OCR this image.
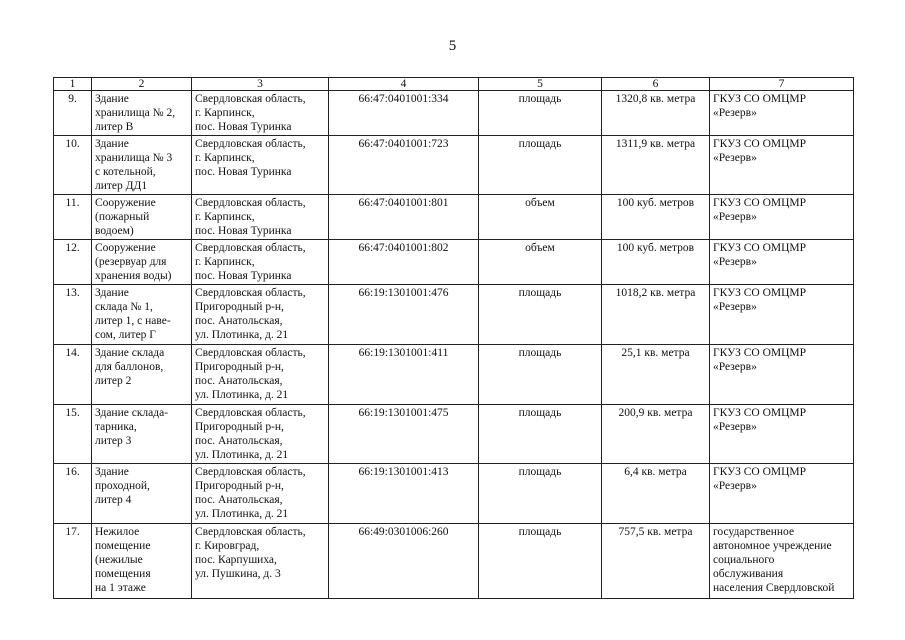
5
1	2	3	4	5	6	7
9.	Здание
хранилища № 2,
литер В	Свердловская область,
г. Карпинск,
пос. Новая Туринка	66:47:0401001:334	площадь	1320,8 кв. метра	ГКУЗ СО ОМЦМР
«Резерв»

10.	Здание
хранилища № 3
с котельной,
литер ДД1	Свердловская область,
г. Карпинск,
пос. Новая Туринка	66:47:0401001:723	площадь	1311,9 кв. метра	ГКУЗ СО ОМЦМР
«Резерв»

11.	Сооружение
(пожарный
водоем)	Свердловская область,
г. Карпинск,
пос. Новая Туринка	66:47:0401001:801	объем	100 куб. метров	ГКУЗ СО ОМЦМР
«Резерв»

12.	Сооружение
(резервуар для
хранения воды)	Свердловская область,
г. Карпинск,
пос. Новая Туринка	66:47:0401001:802	объем	100 куб. метров	ГКУЗ СО ОМЦМР
«Резерв»

13.	Здание
склада № 1,
литер 1, с наве-
сом, литер Г	Свердловская область,
Пригородный р-н,
пос. Анатольская,
ул. Плотинка, д. 21	66:19:1301001:476	площадь	1018,2 кв. метра	ГКУЗ СО ОМЦМР
«Резерв»

14.	Здание склада
для баллонов,
литер 2	Свердловская область,
Пригородный р-н,
пос. Анатольская,
ул. Плотинка, д. 21	66:19:1301001:411	площадь	25,1 кв. метра	ГКУЗ СО ОМЦМР
«Резерв»

15.	Здание склада-
тарника,
литер 3	Свердловская область,
Пригородный р-н,
пос. Анатольская,
ул. Плотинка, д. 21	66:19:1301001:475	площадь	200,9 кв. метра	ГКУЗ СО ОМЦМР
«Резерв»

16.	Здание
проходной,
литер 4	Свердловская область,
Пригородный р-н,
пос. Анатольская,
ул. Плотинка, д. 21	66:19:1301001:413	площадь	6,4 кв. метра	ГКУЗ СО ОМЦМР
«Резерв»

17.	Нежилое
помещение
(нежилые
помещения
на 1 этаже	Свердловская область,
г. Кировград,
пос. Карпушиха,
ул. Пушкина, д. 3	66:49:0301006:260	площадь	757,5 кв. метра	государственное
автономное учреждение
социального
обслуживания
населения Свердловской
